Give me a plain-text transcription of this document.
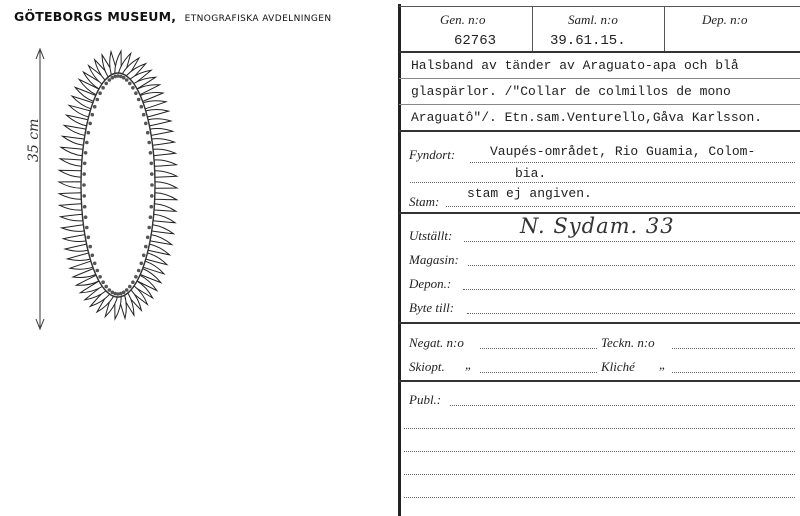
GÖTEBORGS MUSEUM, ETNOGRAFISKA AVDELNINGEN
35 cm
Gen. n:o	Saml. n:o	Dep. n:o
62763	39.61.15.
Halsband av tänder av Araguato-apa och blå
glaspärlor. /"Collar de colmillos de mono
Araguatô"/. Etn.sam.Venturello,Gåva Karlsson.
Fyndort:	Vaupés-området, Rio Guamia, Colom-
bia.
Stam:
stam ej angiven.
Utställt:	N. Sydam. 33
Magasin:
Depon.:
Byte till:
Negat. n:o	Teckn. n:o
Skiopt. „	Kliché „
Publ.:
